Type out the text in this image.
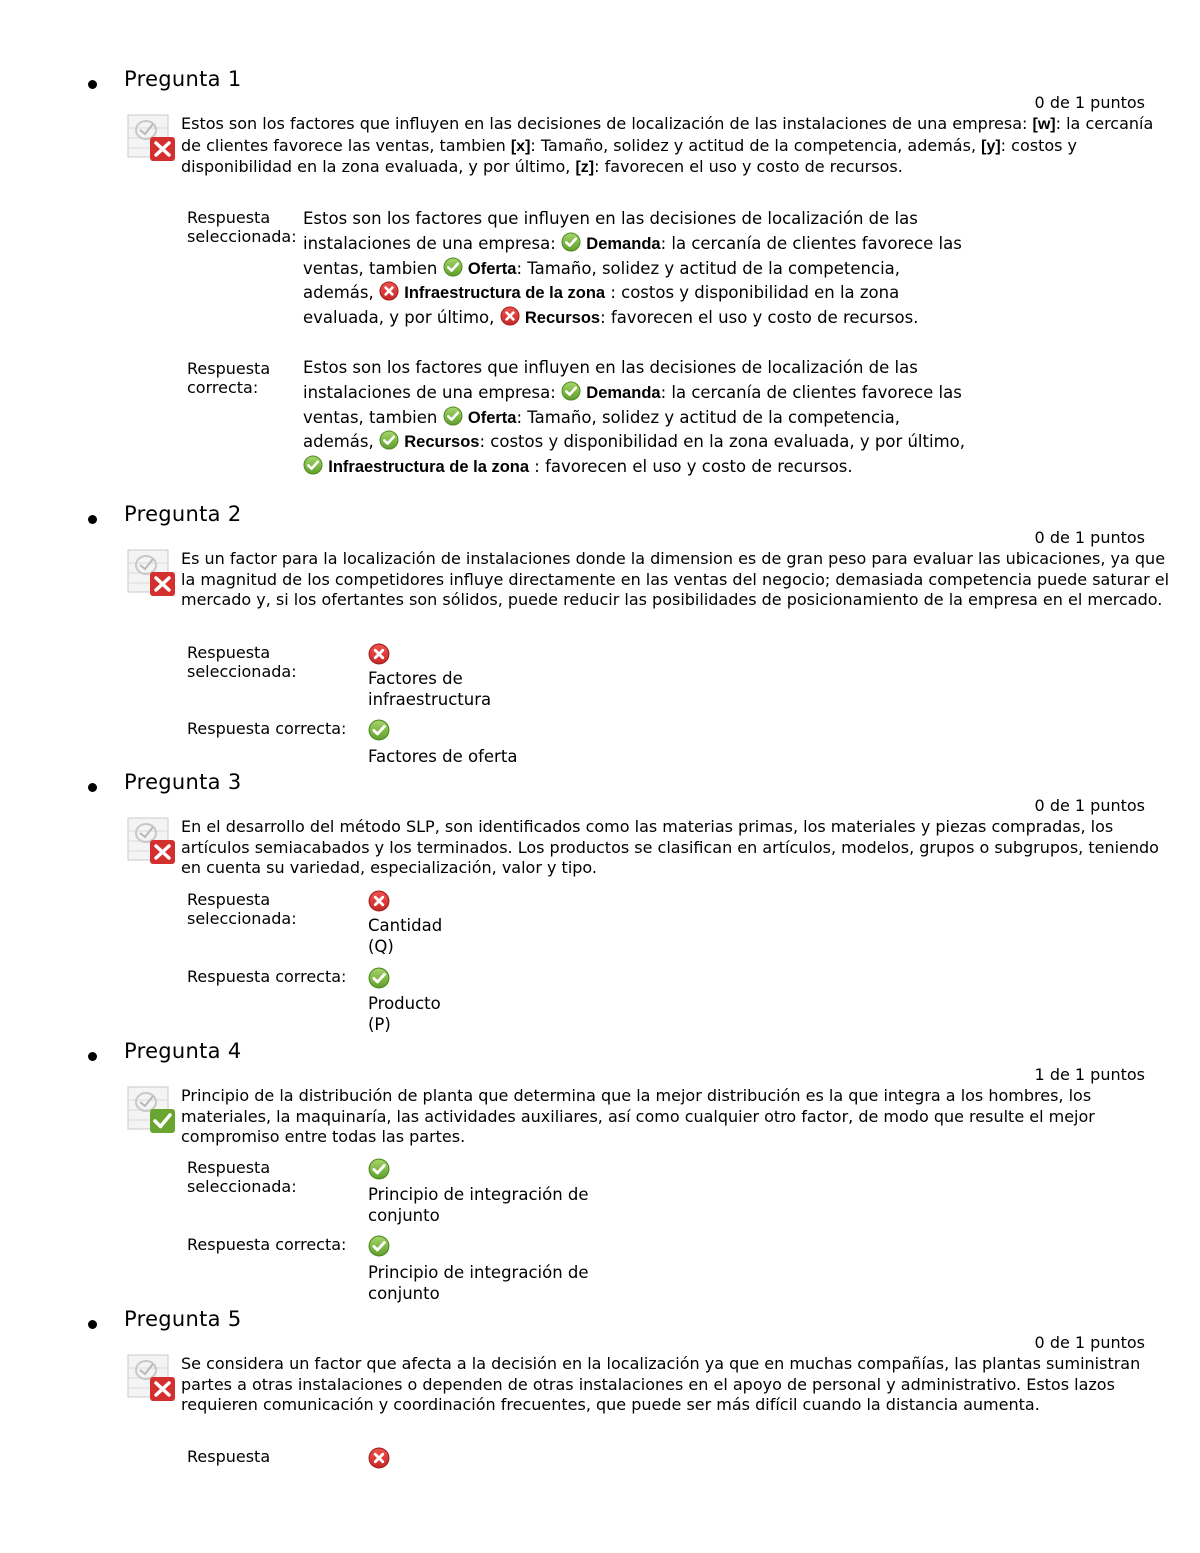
Pregunta 1
0 de 1 puntos
Estos son los factores que influyen en las decisiones de localización de las instalaciones de una empresa: [w]: la cercanía de clientes favorece las ventas, tambien [x]: Tamaño, solidez y actitud de la competencia, además, [y]: costos y disponibilidad en la zona evaluada, y por último, [z]: favorecen el uso y costo de recursos.
Respuesta seleccionada:
Estos son los factores que influyen en las decisiones de localización de las instalaciones de una empresa:  Demanda: la cercanía de clientes favorece las ventas, tambien  Oferta: Tamaño, solidez y actitud de la competencia, además,  Infraestructura de la zona : costos y disponibilidad en la zona evaluada, y por último,  Recursos: favorecen el uso y costo de recursos.
Respuesta correcta:
Estos son los factores que influyen en las decisiones de localización de las instalaciones de una empresa:  Demanda: la cercanía de clientes favorece las ventas, tambien  Oferta: Tamaño, solidez y actitud de la competencia, además,  Recursos: costos y disponibilidad en la zona evaluada, y por último,  Infraestructura de la zona : favorecen el uso y costo de recursos.
Pregunta 2
0 de 1 puntos
Es un factor para la localización de instalaciones donde la dimension es de gran peso para evaluar las ubicaciones, ya que la magnitud de los competidores influye directamente en las ventas del negocio; demasiada competencia puede saturar el mercado y, si los ofertantes son sólidos, puede reducir las posibilidades de posicionamiento de la empresa en el mercado.
Respuesta seleccionada:	Factores de infraestructura
Respuesta correcta:
Factores de oferta
Pregunta 3
0 de 1 puntos
En el desarrollo del método SLP, son identificados como las materias primas, los materiales y piezas compradas, los artículos semiacabados y los terminados. Los productos se clasifican en artículos, modelos, grupos o subgrupos, teniendo en cuenta su variedad, especialización, valor y tipo.
Respuesta seleccionada:	Cantidad (Q)
Respuesta correcta:
Producto (P)
Pregunta 4
1 de 1 puntos
Principio de la distribución de planta que determina que la mejor distribución es la que integra a los hombres, los materiales, la maquinaría, las actividades auxiliares, así como cualquier otro factor, de modo que resulte el mejor compromiso entre todas las partes.
Respuesta seleccionada:	Principio de integración de conjunto
Respuesta correcta:
Principio de integración de conjunto
Pregunta 5
0 de 1 puntos
Se considera un factor que afecta a la decisión en la localización ya que en muchas compañías, las plantas suministran partes a otras instalaciones o dependen de otras instalaciones en el apoyo de personal y administrativo. Estos lazos requieren comunicación y coordinación frecuentes, que puede ser más difícil cuando la distancia aumenta.
Respuesta
